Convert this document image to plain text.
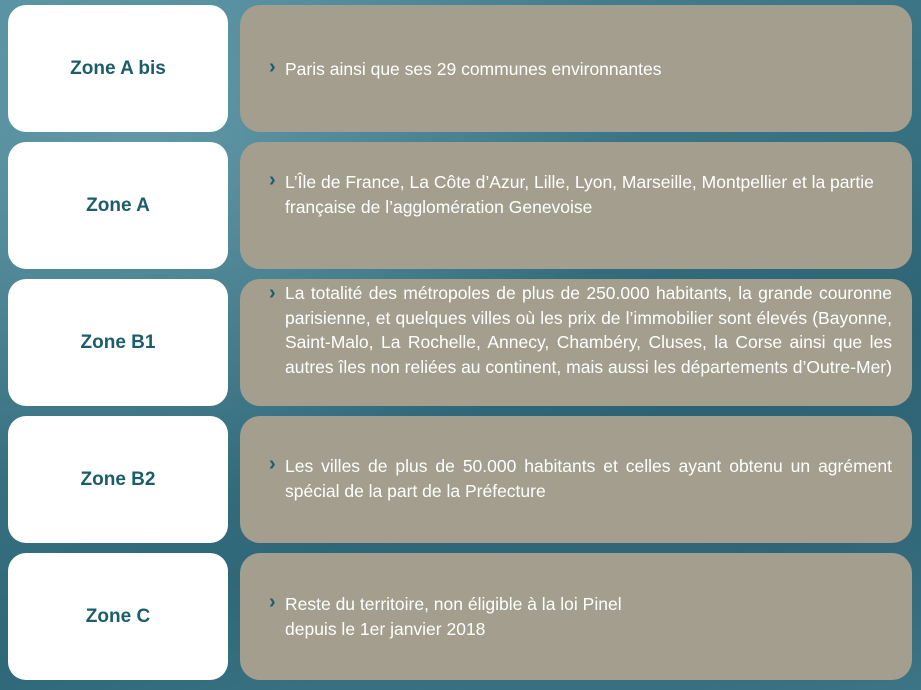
Zone A bis	› Paris ainsi que ses 29 communes environnantes
Zone A
› L’Île de France, La Côte d’Azur, Lille, Lyon, Marseille, Montpellier et la partie française de l’agglomération Genevoise
Zone B1
› La totalité des métropoles de plus de 250.000 habitants, la grande couronne parisienne, et quelques villes où les prix de l’immobilier sont élevés (Bayonne, Saint-Malo, La Rochelle, Annecy, Chambéry, Cluses, la Corse ainsi que les autres îles non reliées au continent, mais aussi les départements d’Outre-Mer)
Zone B2
› Les villes de plus de 50.000 habitants et celles ayant obtenu un agrément spécial de la part de la Préfecture
Zone C
› Reste du territoire, non éligible à la loi Pinel
depuis le 1er janvier 2018
